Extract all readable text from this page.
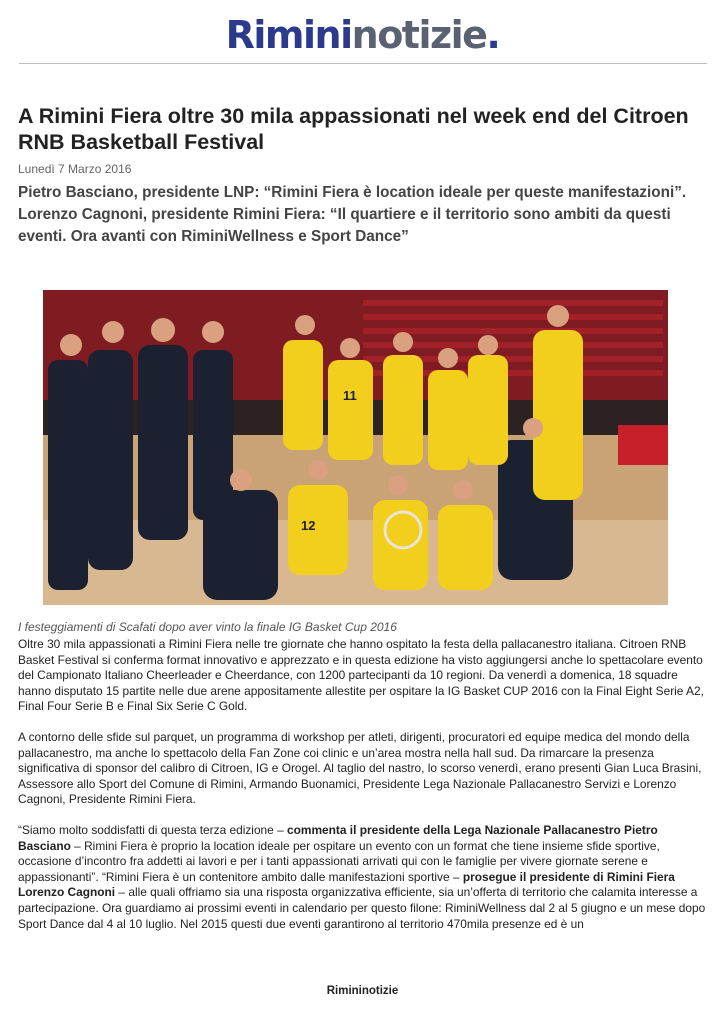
Rimininotizie.
A Rimini Fiera oltre 30 mila appassionati nel week end del Citroen RNB Basketball Festival
Lunedì 7 Marzo 2016
Pietro Basciano, presidente LNP: “Rimini Fiera è location ideale per queste manifestazioni”. Lorenzo Cagnoni, presidente Rimini Fiera: “Il quartiere e il territorio sono ambiti da questi eventi. Ora avanti con RiminiWellness e Sport Dance”
11
12
I festeggiamenti di Scafati dopo aver vinto la finale IG Basket Cup 2016

Oltre 30 mila appassionati a Rimini Fiera nelle tre giornate che hanno ospitato la festa della pallacanestro italiana. Citroen RNB Basket Festival si conferma format innovativo e apprezzato e in questa edizione ha visto aggiungersi anche lo spettacolare evento del Campionato Italiano Cheerleader e Cheerdance, con 1200 partecipanti da 10 regioni. Da venerdì a domenica, 18 squadre hanno disputato 15 partite nelle due arene appositamente allestite per ospitare la IG Basket CUP 2016 con la Final Eight Serie A2, Final Four Serie B e Final Six Serie C Gold.

A contorno delle sfide sul parquet, un programma di workshop per atleti, dirigenti, procuratori ed equipe medica del mondo della pallacanestro, ma anche lo spettacolo della Fan Zone coi clinic e un’area mostra nella hall sud. Da rimarcare la presenza significativa di sponsor del calibro di Citroen, IG e Orogel. Al taglio del nastro, lo scorso venerdì, erano presenti Gian Luca Brasini, Assessore allo Sport del Comune di Rimini, Armando Buonamici, Presidente Lega Nazionale Pallacanestro Servizi e Lorenzo Cagnoni, Presidente Rimini Fiera.

“Siamo molto soddisfatti di questa terza edizione – commenta il presidente della Lega Nazionale Pallacanestro Pietro Basciano – Rimini Fiera è proprio la location ideale per ospitare un evento con un format che tiene insieme sfide sportive, occasione d’incontro fra addetti ai lavori e per i tanti appassionati arrivati qui con le famiglie per vivere giornate serene e appassionanti”. “Rimini Fiera è un contenitore ambito dalle manifestazioni sportive – prosegue il presidente di Rimini Fiera Lorenzo Cagnoni – alle quali offriamo sia una risposta organizzativa efficiente, sia un’offerta di territorio che calamita interesse a partecipazione. Ora guardiamo ai prossimi eventi in calendario per questo filone: RiminiWellness dal 2 al 5 giugno e un mese dopo Sport Dance dal 4 al 10 luglio. Nel 2015 questi due eventi garantirono al territorio 470mila presenze ed è un

Rimininotizie
